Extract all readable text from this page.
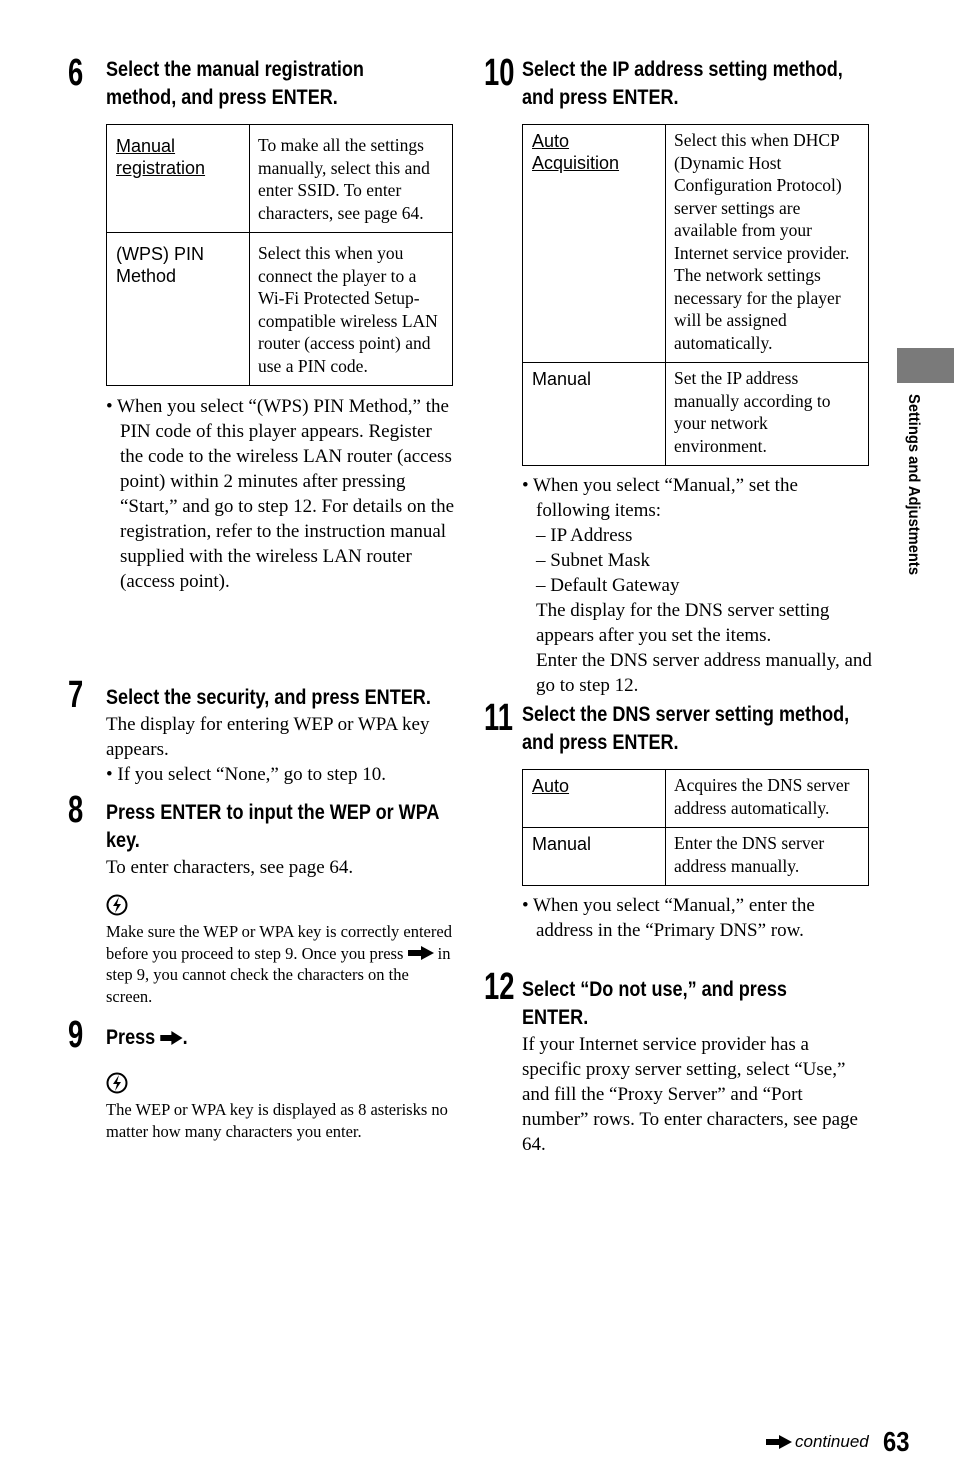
6 Select the manual registration
method, and press ENTER.
Manual
registration	To make all the settings manually, select this and enter SSID. To enter characters, see page 64.
(WPS) PIN
Method	Select this when you connect the player to a Wi-Fi Protected Setup-compatible wireless LAN router (access point) and use a PIN code.
• When you select “(WPS) PIN Method,” the PIN code of this player appears. Register the code to the wireless LAN router (access point) within 2 minutes after pressing “Start,” and go to step 12. For details on the registration, refer to the instruction manual supplied with the wireless LAN router (access point).
7 Select the security, and press ENTER.
The display for entering WEP or WPA key appears.
• If you select “None,” go to step 10.
8 Press ENTER to input the WEP or WPA
key.
To enter characters, see page 64.
Make sure the WEP or WPA key is correctly entered before you proceed to step 9. Once you press in step 9, you cannot check the characters on the screen.
9 Press .
The WEP or WPA key is displayed as 8 asterisks no matter how many characters you enter.
10 Select the IP address setting method,
and press ENTER.
Auto
Acquisition	Select this when DHCP (Dynamic Host Configuration Protocol) server settings are available from your Internet service provider. The network settings necessary for the player will be assigned automatically.
Manual	Set the IP address manually according to your network environment.
• When you select “Manual,” set the following items:
– IP Address
– Subnet Mask
– Default Gateway
The display for the DNS server setting appears after you set the items.
Enter the DNS server address manually, and go to step 12.
11 Select the DNS server setting method,
and press ENTER.
Auto	Acquires the DNS server address automatically.
Manual	Enter the DNS server address manually.
• When you select “Manual,” enter the address in the “Primary DNS” row.
12 Select “Do not use,” and press
ENTER.
If your Internet service provider has a specific proxy server setting, select “Use,” and fill the “Proxy Server” and “Port number” rows. To enter characters, see page 64.
Settings and Adjustments
continued 63
